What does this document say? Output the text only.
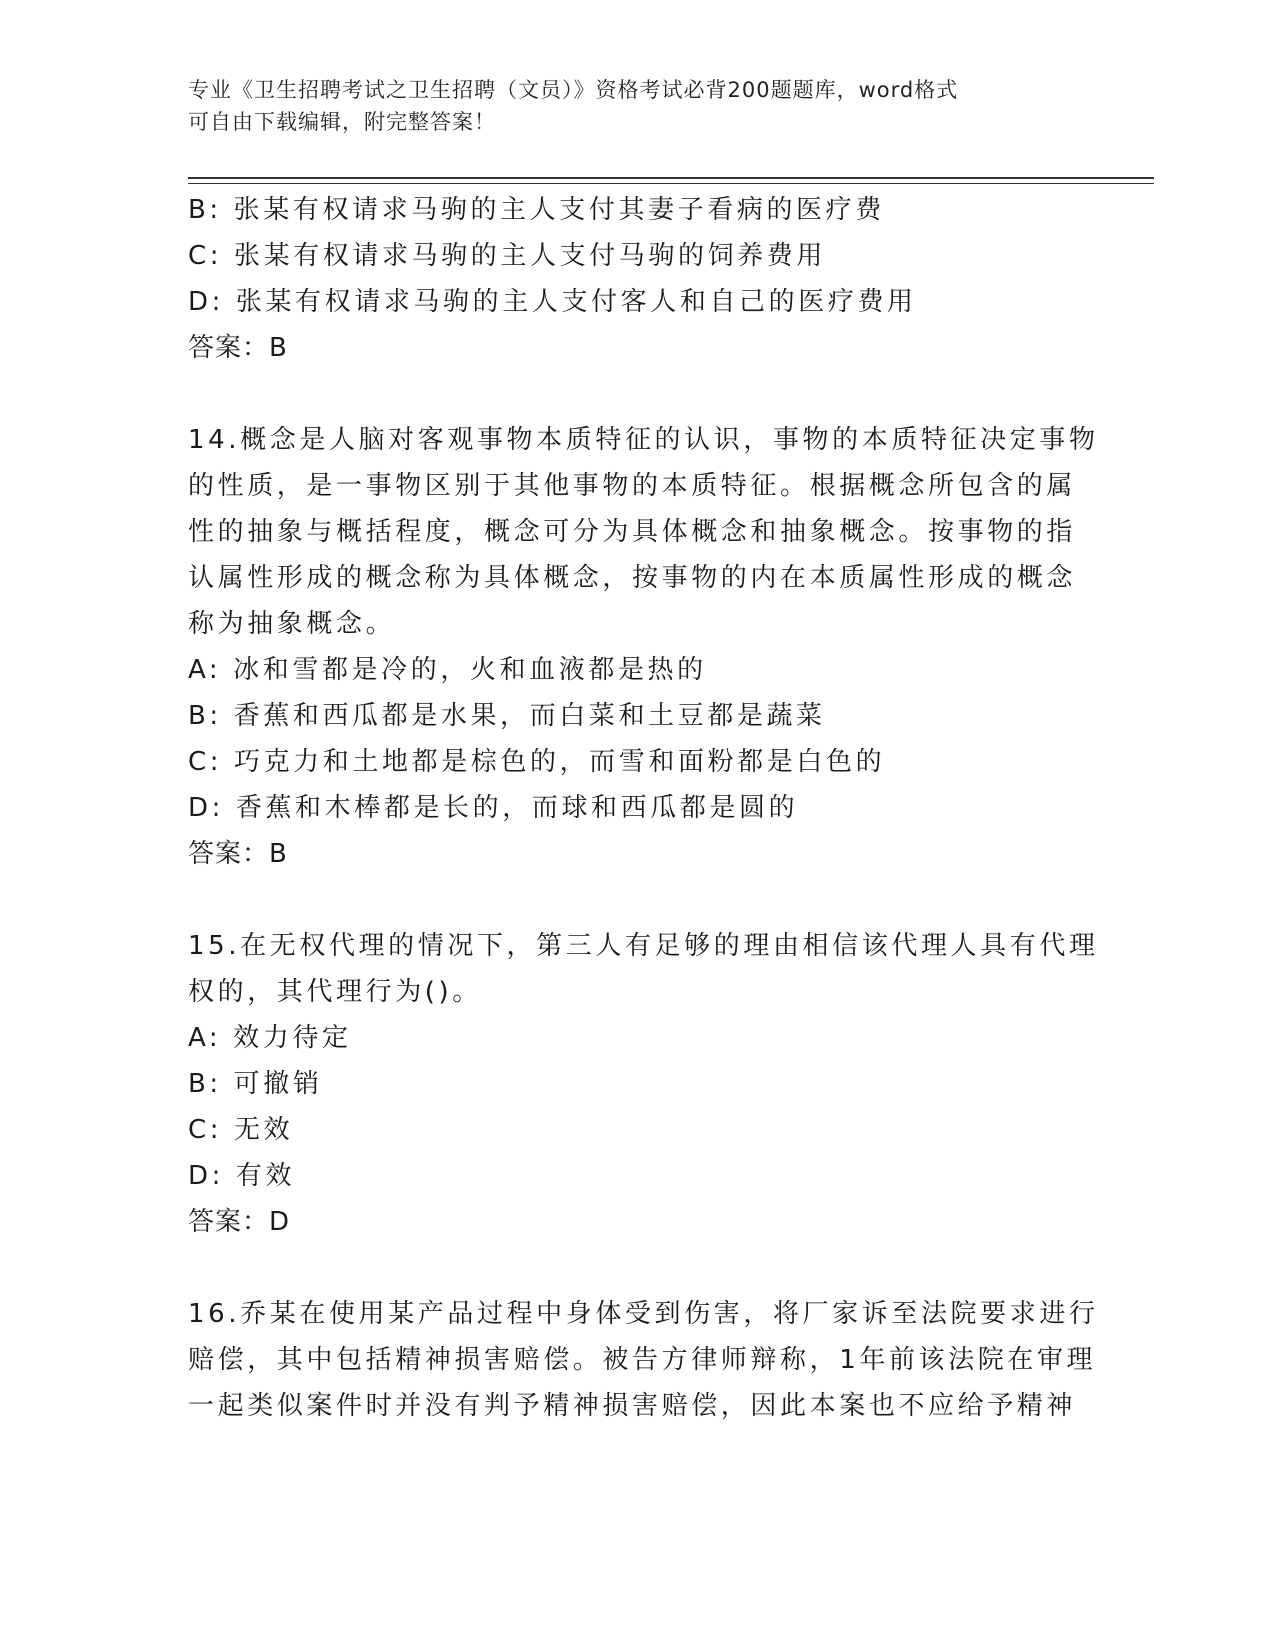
专业《卫生招聘考试之卫生招聘（文员）》资格考试必背200题题库，word格式
可自由下载编辑，附完整答案！
B: 张某有权请求马驹的主人支付其妻子看病的医疗费
C: 张某有权请求马驹的主人支付马驹的饲养费用
D: 张某有权请求马驹的主人支付客人和自己的医疗费用
答案：B
14.概念是人脑对客观事物本质特征的认识，事物的本质特征决定事物
的性质，是一事物区别于其他事物的本质特征。根据概念所包含的属
性的抽象与概括程度，概念可分为具体概念和抽象概念。按事物的指
认属性形成的概念称为具体概念，按事物的内在本质属性形成的概念
称为抽象概念。
A: 冰和雪都是冷的，火和血液都是热的
B: 香蕉和西瓜都是水果，而白菜和土豆都是蔬菜
C: 巧克力和土地都是棕色的，而雪和面粉都是白色的
D: 香蕉和木棒都是长的，而球和西瓜都是圆的
答案：B
15.在无权代理的情况下，第三人有足够的理由相信该代理人具有代理
权的，其代理行为()。
A: 效力待定
B: 可撤销
C: 无效
D: 有效
答案：D
16.乔某在使用某产品过程中身体受到伤害，将厂家诉至法院要求进行
赔偿，其中包括精神损害赔偿。被告方律师辩称，1年前该法院在审理
一起类似案件时并没有判予精神损害赔偿，因此本案也不应给予精神
